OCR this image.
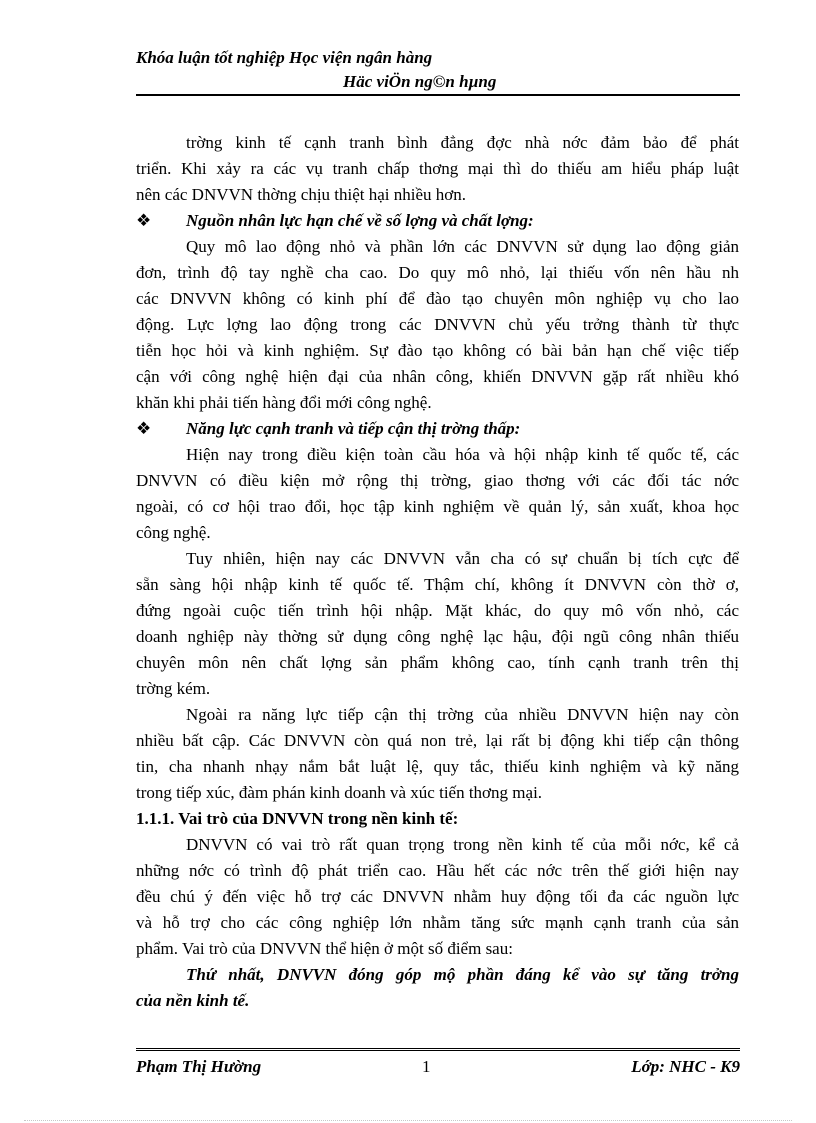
Khóa luận tốt nghiệp Học viện ngân hàng
Häc viÖn ng©n hµng
trờng kinh tế cạnh tranh bình đẳng đợc nhà nớc đảm bảo để phát
triển. Khi xảy ra các vụ tranh chấp thơng mại thì do thiếu am hiểu pháp luật
nên các DNVVN thờng chịu thiệt hại nhiều hơn.
❖ Nguồn nhân lực hạn chế về số lợng và chất lợng:
Quy mô lao động nhỏ và phần lớn các DNVVN sử dụng lao động giản
đơn, trình độ tay nghề cha cao. Do quy mô nhỏ, lại thiếu vốn nên hầu nh
các DNVVN không có kinh phí để đào tạo chuyên môn nghiệp vụ cho lao
động. Lực lợng lao động trong các DNVVN chủ yếu trởng thành từ thực
tiễn học hỏi và kinh nghiệm. Sự đào tạo không có bài bản hạn chế việc tiếp
cận với công nghệ hiện đại của nhân công, khiến DNVVN gặp rất nhiều khó
khăn khi phải tiến hàng đổi mới công nghệ.
❖ Năng lực cạnh tranh và tiếp cận thị trờng thấp:
Hiện nay trong điều kiện toàn cầu hóa và hội nhập kinh tế quốc tế, các
DNVVN có điều kiện mở rộng thị trờng, giao thơng với các đối tác nớc
ngoài, có cơ hội trao đổi, học tập kinh nghiệm về quản lý, sản xuất, khoa học
công nghệ.
Tuy nhiên, hiện nay các DNVVN vẫn cha có sự chuẩn bị tích cực để
sẵn sàng hội nhập kinh tế quốc tế. Thậm chí, không ít DNVVN còn thờ ơ,
đứng ngoài cuộc tiến trình hội nhập. Mặt khác, do quy mô vốn nhỏ, các
doanh nghiệp này thờng sử dụng công nghệ lạc hậu, đội ngũ công nhân thiếu
chuyên môn nên chất lợng sản phẩm không cao, tính cạnh tranh trên thị
trờng kém.
Ngoài ra năng lực tiếp cận thị trờng của nhiều DNVVN hiện nay còn
nhiều bất cập. Các DNVVN còn quá non trẻ, lại rất bị động khi tiếp cận thông
tin, cha nhanh nhạy nắm bắt luật lệ, quy tắc, thiếu kinh nghiệm và kỹ năng
trong tiếp xúc, đàm phán kinh doanh và xúc tiến thơng mại.
1.1.1. Vai trò của DNVVN trong nền kinh tế:
DNVVN có vai trò rất quan trọng trong nền kinh tế của mỗi nớc, kể cả
những nớc có trình độ phát triển cao. Hầu hết các nớc trên thế giới hiện nay
đều chú ý đến việc hỗ trợ các DNVVN nhằm huy động tối đa các nguồn lực
và hỗ trợ cho các công nghiệp lớn nhằm tăng sức mạnh cạnh tranh của sản
phẩm. Vai trò của DNVVN thể hiện ở một số điểm sau:
Thứ nhất, DNVVN đóng góp mộ phần đáng kể vào sự tăng trởng
của nền kinh tế.
Phạm Thị Hường	1	Lớp: NHC - K9
